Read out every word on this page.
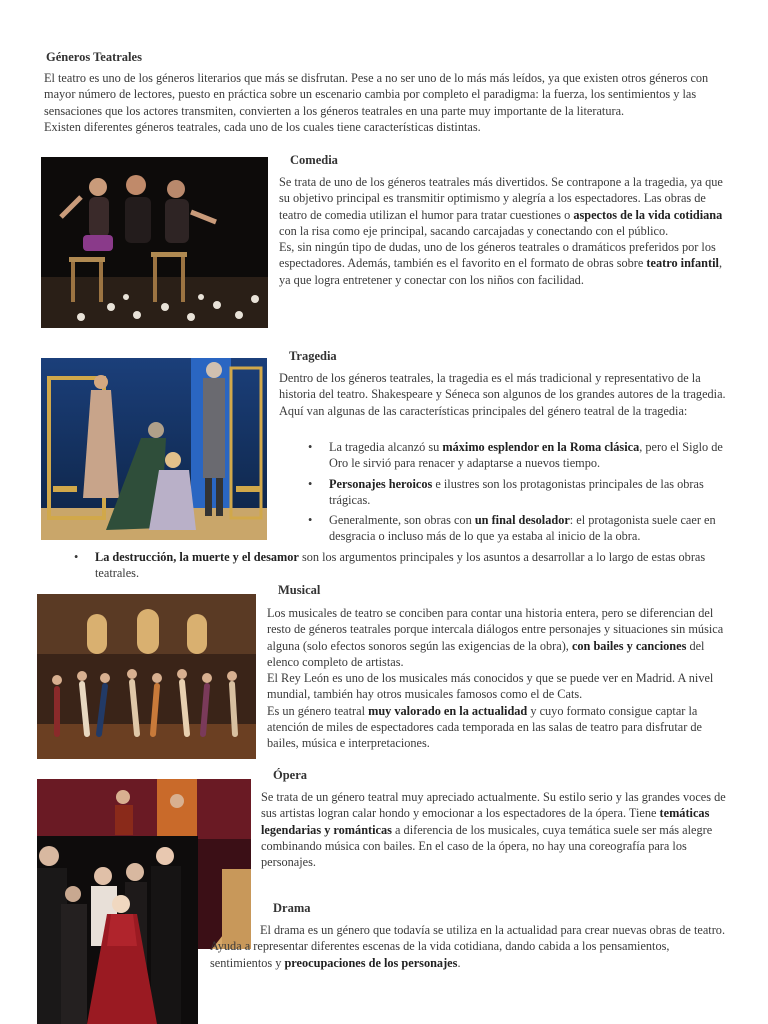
Géneros Teatrales
El teatro es uno de los géneros literarios que más se disfrutan. Pese a no ser uno de lo más más leídos, ya que existen otros géneros con mayor número de lectores, puesto en práctica sobre un escenario cambia por completo el paradigma: la fuerza, los sentimientos y las sensaciones que los actores transmiten, convierten a los géneros teatrales en una parte muy importante de la literatura.
Existen diferentes géneros teatrales, cada uno de los cuales tiene características distintas.
Comedia
Se trata de uno de los géneros teatrales más divertidos. Se contrapone a la tragedia, ya que su objetivo principal es transmitir optimismo y alegría a los espectadores. Las obras de teatro de comedia utilizan el humor para tratar cuestiones o aspectos de la vida cotidiana con la risa como eje principal, sacando carcajadas y conectando con el público.
Es, sin ningún tipo de dudas, uno de los géneros teatrales o dramáticos preferidos por los espectadores. Además, también es el favorito en el formato de obras sobre teatro infantil, ya que logra entretener y conectar con los niños con facilidad.
Tragedia
Dentro de los géneros teatrales, la tragedia es el más tradicional y representativo de la historia del teatro. Shakespeare y Séneca son algunos de los grandes autores de la tragedia. Aquí van algunas de las características principales del género teatral de la tragedia:
• La tragedia alcanzó su máximo esplendor en la Roma clásica, pero el Siglo de Oro le sirvió para renacer y adaptarse a nuevos tiempo.
• Personajes heroicos e ilustres son los protagonistas principales de las obras trágicas.
• Generalmente, son obras con un final desolador: el protagonista suele caer en desgracia o incluso más de lo que ya estaba al inicio de la obra.
• La destrucción, la muerte y el desamor son los argumentos principales y los asuntos a desarrollar a lo largo de estas obras teatrales.
Musical
Los musicales de teatro se conciben para contar una historia entera, pero se diferencian del resto de géneros teatrales porque intercala diálogos entre personajes y situaciones sin música alguna (solo efectos sonoros según las exigencias de la obra), con bailes y canciones del elenco completo de artistas.
El Rey León es uno de los musicales más conocidos y que se puede ver en Madrid. A nivel mundial, también hay otros musicales famosos como el de Cats.
Es un género teatral muy valorado en la actualidad y cuyo formato consigue captar la atención de miles de espectadores cada temporada en las salas de teatro para disfrutar de bailes, música e interpretaciones.
Ópera
Se trata de un género teatral muy apreciado actualmente. Su estilo serio y las grandes voces de sus artistas logran calar hondo y emocionar a los espectadores de la ópera. Tiene temáticas legendarias y románticas a diferencia de los musicales, cuya temática suele ser más alegre combinando música con bailes. En el caso de la ópera, no hay una coreografía para los personajes.
Drama
El drama es un género que todavía se utiliza en la actualidad para crear nuevas obras de teatro. Ayuda a representar diferentes escenas de la vida cotidiana, dando cabida a los pensamientos, sentimientos y preocupaciones de los personajes.
